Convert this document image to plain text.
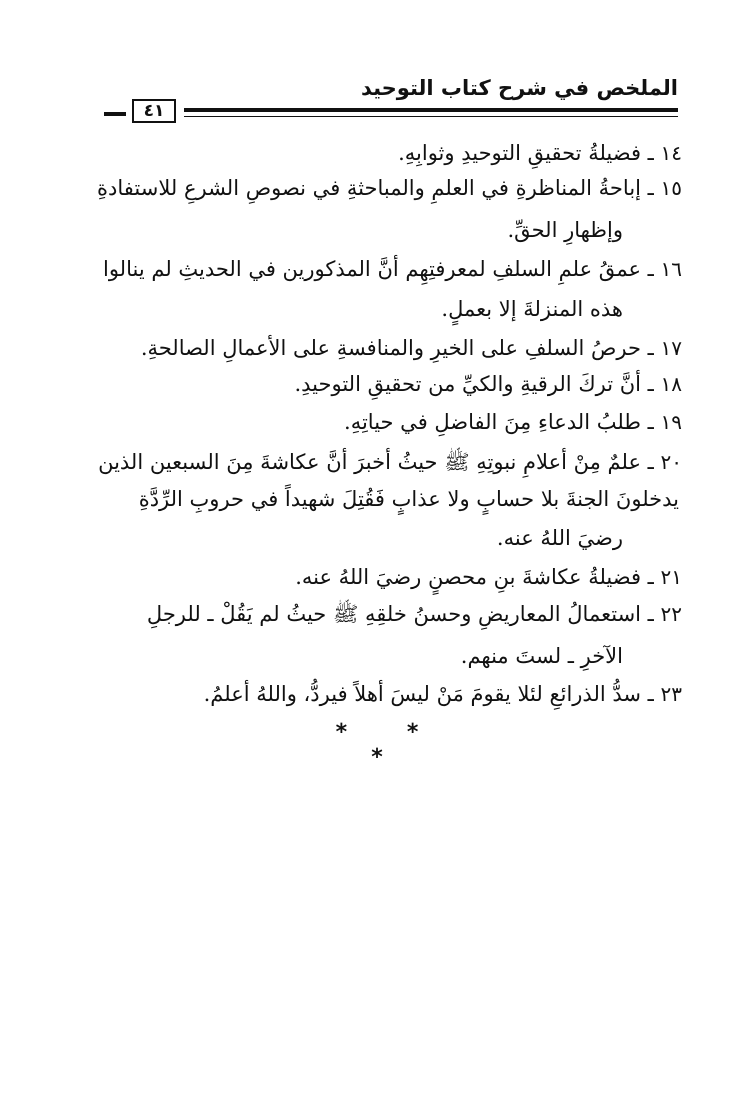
الملخص في شرح كتاب التوحيد
٤١
١٤ ـ فضيلةُ تحقيقِ التوحيدِ وثوابِهِ.
١٥ ـ إباحةُ المناظرةِ في العلمِ والمباحثةِ في نصوصِ الشرعِ للاستفادةِ
وإظهارِ الحقِّ.
١٦ ـ عمقُ علمِ السلفِ لمعرفتِهِم أنَّ المذكورين في الحديثِ لم ينالوا
هذه المنزلةَ إلا بعملٍ.
١٧ ـ حرصُ السلفِ على الخيرِ والمنافسةِ على الأعمالِ الصالحةِ.
١٨ ـ أنَّ تركَ الرقيةِ والكيِّ من تحقيقِ التوحيدِ.
١٩ ـ طلبُ الدعاءِ مِنَ الفاضلِ في حياتِهِ.
٢٠ ـ علمٌ مِنْ أعلامِ نبوتِهِ ﷺ حيثُ أخبرَ أنَّ عكاشةَ مِنَ السبعين الذين
يدخلونَ الجنةَ بلا حسابٍ ولا عذابٍ فَقُتِلَ شهيداً في حروبِ الرِّدَّةِ
رضيَ اللهُ عنه.
٢١ ـ فضيلةُ عكاشةَ بنِ محصنٍ رضيَ اللهُ عنه.
٢٢ ـ استعمالُ المعاريضِ وحسنُ خلقِهِ ﷺ حيثُ لم يَقُلْ ـ للرجلِ
الآخرِ ـ لستَ منهم.
٢٣ ـ سدُّ الذرائعِ لئلا يقومَ مَنْ ليسَ أهلاً فيردُّ، واللهُ أعلمُ.
* * *
